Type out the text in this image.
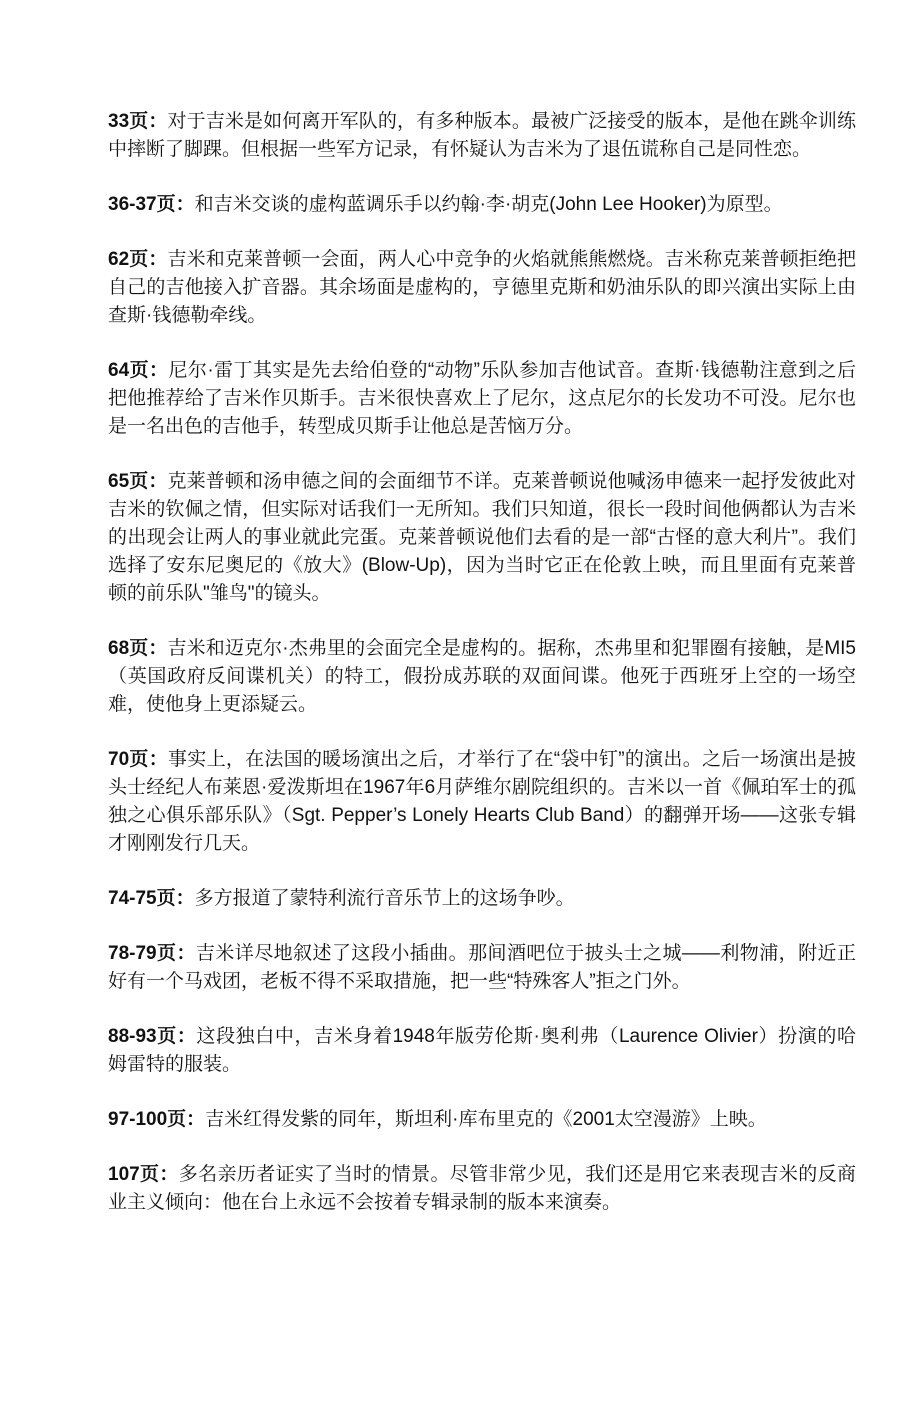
33页：对于吉米是如何离开军队的，有多种版本。最被广泛接受的版本，是他在跳伞训练中摔断了脚踝。但根据一些军方记录，有怀疑认为吉米为了退伍谎称自己是同性恋。

36-37页：和吉米交谈的虚构蓝调乐手以约翰·李·胡克(John Lee Hooker)为原型。

62页：吉米和克莱普顿一会面，两人心中竞争的火焰就熊熊燃烧。吉米称克莱普顿拒绝把自己的吉他接入扩音器。其余场面是虚构的，亨德里克斯和奶油乐队的即兴演出实际上由查斯·钱德勒牵线。

64页：尼尔·雷丁其实是先去给伯登的“动物”乐队参加吉他试音。查斯·钱德勒注意到之后把他推荐给了吉米作贝斯手。吉米很快喜欢上了尼尔，这点尼尔的长发功不可没。尼尔也是一名出色的吉他手，转型成贝斯手让他总是苦恼万分。

65页：克莱普顿和汤申德之间的会面细节不详。克莱普顿说他喊汤申德来一起抒发彼此对吉米的钦佩之情，但实际对话我们一无所知。我们只知道，很长一段时间他俩都认为吉米的出现会让两人的事业就此完蛋。克莱普顿说他们去看的是一部“古怪的意大利片”。我们选择了安东尼奥尼的《放大》(Blow-Up)，因为当时它正在伦敦上映，而且里面有克莱普顿的前乐队"雏鸟"的镜头。

68页：吉米和迈克尔·杰弗里的会面完全是虚构的。据称，杰弗里和犯罪圈有接触，是MI5（英国政府反间谍机关）的特工，假扮成苏联的双面间谍。他死于西班牙上空的一场空难，使他身上更添疑云。

70页：事实上，在法国的暖场演出之后，才举行了在“袋中钉”的演出。之后一场演出是披头士经纪人布莱恩·爱泼斯坦在1967年6月萨维尔剧院组织的。吉米以一首《佩珀军士的孤独之心俱乐部乐队》（Sgt. Pepper’s Lonely Hearts Club Band）的翻弹开场——这张专辑才刚刚发行几天。

74-75页：多方报道了蒙特利流行音乐节上的这场争吵。

78-79页：吉米详尽地叙述了这段小插曲。那间酒吧位于披头士之城——利物浦，附近正好有一个马戏团，老板不得不采取措施，把一些“特殊客人”拒之门外。

88-93页：这段独白中，吉米身着1948年版劳伦斯·奥利弗（Laurence Olivier）扮演的哈姆雷特的服装。

97-100页：吉米红得发紫的同年，斯坦利·库布里克的《2001太空漫游》上映。

107页：多名亲历者证实了当时的情景。尽管非常少见，我们还是用它来表现吉米的反商业主义倾向：他在台上永远不会按着专辑录制的版本来演奏。
